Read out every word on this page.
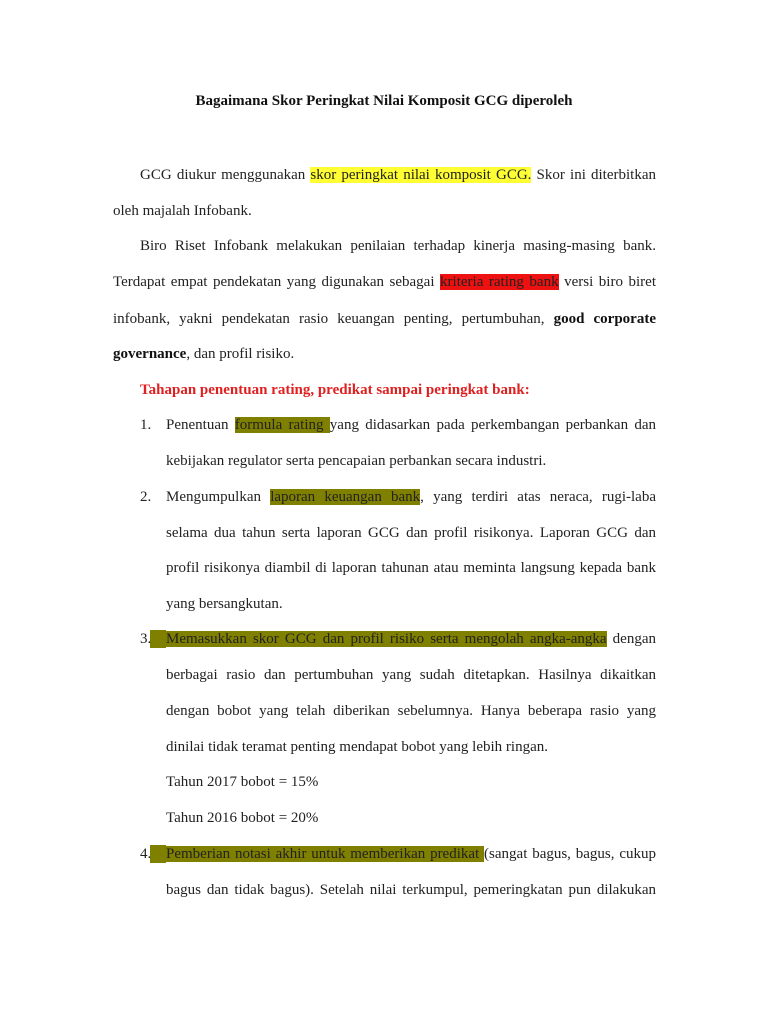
Bagaimana Skor Peringkat Nilai Komposit GCG diperoleh
GCG diukur menggunakan skor peringkat nilai komposit GCG. Skor ini diterbitkan
oleh majalah Infobank.
Biro Riset Infobank melakukan penilaian terhadap kinerja masing-masing bank.
Terdapat empat pendekatan yang digunakan sebagai kriteria rating bank versi biro biret
infobank, yakni pendekatan rasio keuangan penting, pertumbuhan, good corporate
governance, dan profil risiko.
Tahapan penentuan rating, predikat sampai peringkat bank:
1. Penentuan formula rating yang didasarkan pada perkembangan perbankan dan
kebijakan regulator serta pencapaian perbankan secara industri.
2. Mengumpulkan laporan keuangan bank, yang terdiri atas neraca, rugi-laba
selama dua tahun serta laporan GCG dan profil risikonya. Laporan GCG dan
profil risikonya diambil di laporan tahunan atau meminta langsung kepada bank
yang bersangkutan.
3. Memasukkan skor GCG dan profil risiko serta mengolah angka-angka dengan
berbagai rasio dan pertumbuhan yang sudah ditetapkan. Hasilnya dikaitkan
dengan bobot yang telah diberikan sebelumnya. Hanya beberapa rasio yang
dinilai tidak teramat penting mendapat bobot yang lebih ringan.
Tahun 2017 bobot = 15%
Tahun 2016 bobot = 20%
4. Pemberian notasi akhir untuk memberikan predikat (sangat bagus, bagus, cukup
bagus dan tidak bagus). Setelah nilai terkumpul, pemeringkatan pun dilakukan
